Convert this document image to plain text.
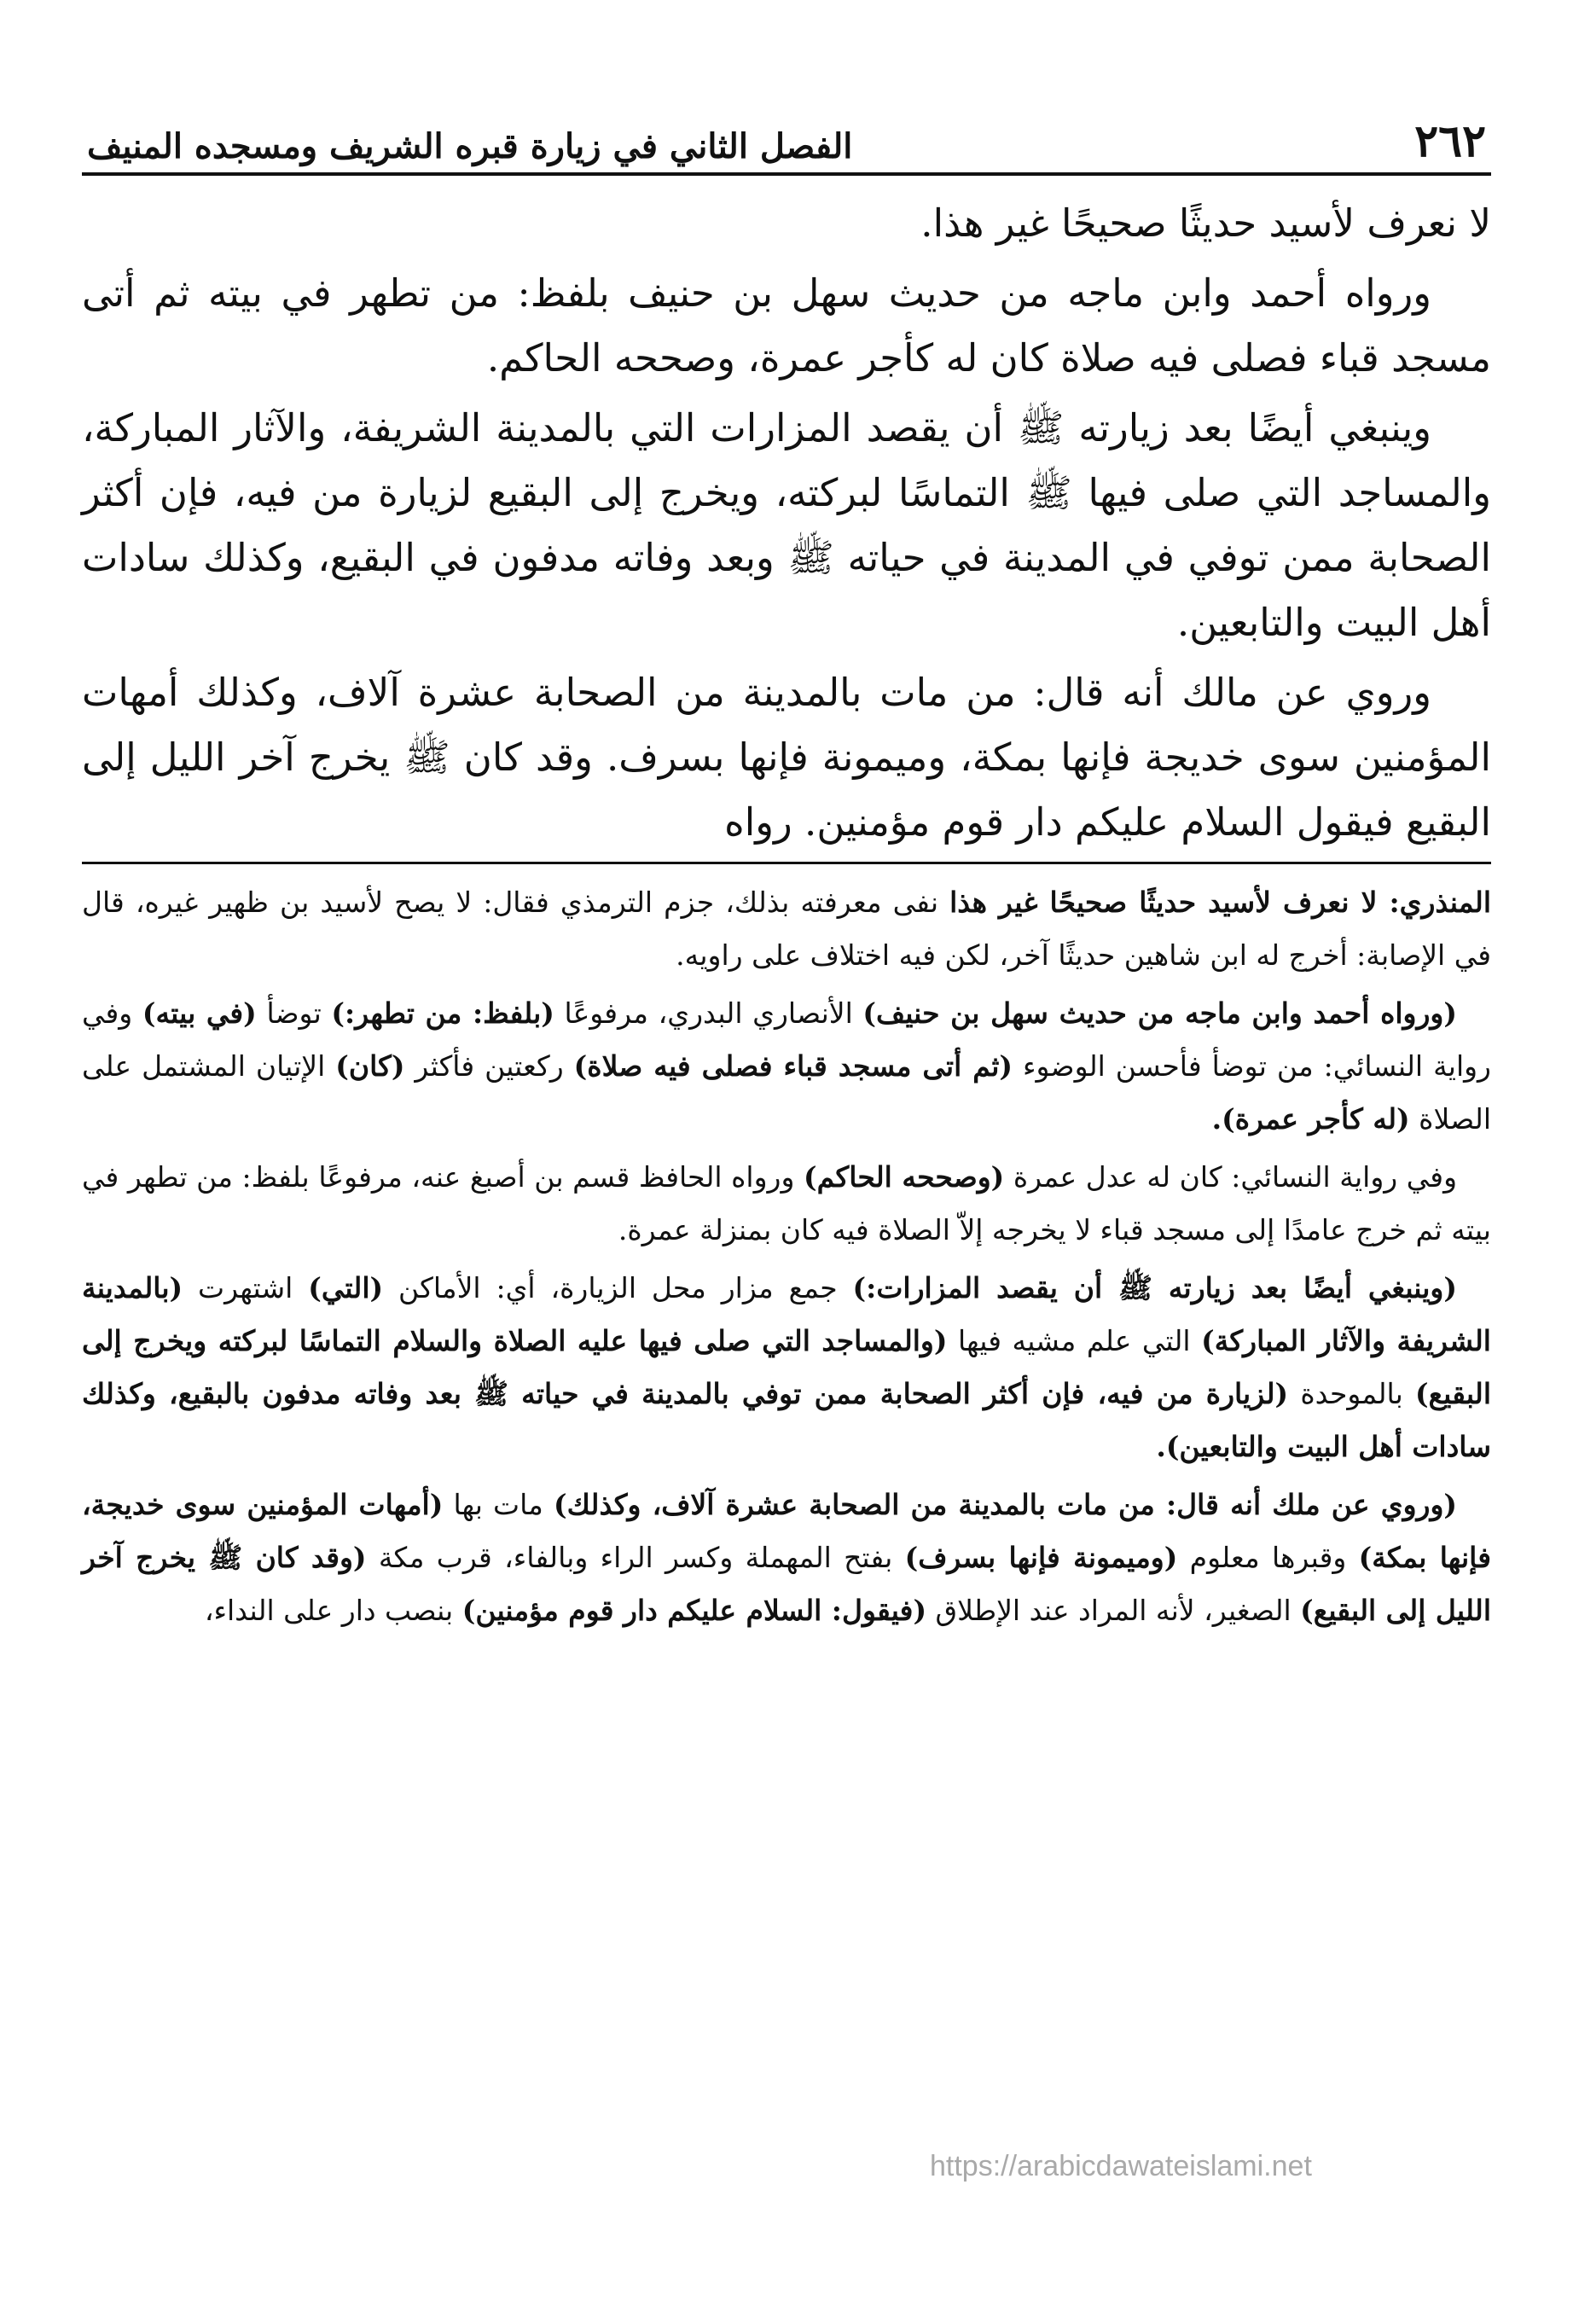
٢٦٢
الفصل الثاني في زيارة قبره الشريف ومسجده المنيف

لا نعرف لأسيد حديثًا صحيحًا غير هذا.

ورواه أحمد وابن ماجه من حديث سهل بن حنيف بلفظ: من تطهر في بيته ثم أتى مسجد قباء فصلى فيه صلاة كان له كأجر عمرة، وصححه الحاكم.

وينبغي أيضًا بعد زيارته ﷺ أن يقصد المزارات التي بالمدينة الشريفة، والآثار المباركة، والمساجد التي صلى فيها ﷺ التماسًا لبركته، ويخرج إلى البقيع لزيارة من فيه، فإن أكثر الصحابة ممن توفي في المدينة في حياته ﷺ وبعد وفاته مدفون في البقيع، وكذلك سادات أهل البيت والتابعين.

وروي عن مالك أنه قال: من مات بالمدينة من الصحابة عشرة آلاف، وكذلك أمهات المؤمنين سوى خديجة فإنها بمكة، وميمونة فإنها بسرف. وقد كان ﷺ يخرج آخر الليل إلى البقيع فيقول السلام عليكم دار قوم مؤمنين. رواه

المنذري: لا نعرف لأسيد حديثًا صحيحًا غير هذا نفى معرفته بذلك، جزم الترمذي فقال: لا يصح لأسيد بن ظهير غيره، قال في الإصابة: أخرج له ابن شاهين حديثًا آخر، لكن فيه اختلاف على راويه.

(ورواه أحمد وابن ماجه من حديث سهل بن حنيف) الأنصاري البدري، مرفوعًا (بلفظ: من تطهر:) توضأ (في بيته) وفي رواية النسائي: من توضأ فأحسن الوضوء (ثم أتى مسجد قباء فصلى فيه صلاة) ركعتين فأكثر (كان) الإتيان المشتمل على الصلاة (له كأجر عمرة).

وفي رواية النسائي: كان له عدل عمرة (وصححه الحاكم) ورواه الحافظ قسم بن أصبغ عنه، مرفوعًا بلفظ: من تطهر في بيته ثم خرج عامدًا إلى مسجد قباء لا يخرجه إلاّ الصلاة فيه كان بمنزلة عمرة.

(وينبغي أيضًا بعد زيارته ﷺ أن يقصد المزارات:) جمع مزار محل الزيارة، أي: الأماكن (التي) اشتهرت (بالمدينة الشريفة والآثار المباركة) التي علم مشيه فيها (والمساجد التي صلى فيها عليه الصلاة والسلام التماسًا لبركته ويخرج إلى البقيع) بالموحدة (لزيارة من فيه، فإن أكثر الصحابة ممن توفي بالمدينة في حياته ﷺ بعد وفاته مدفون بالبقيع، وكذلك سادات أهل البيت والتابعين).

(وروي عن ملك أنه قال: من مات بالمدينة من الصحابة عشرة آلاف، وكذلك) مات بها (أمهات المؤمنين سوى خديجة، فإنها بمكة) وقبرها معلوم (وميمونة فإنها بسرف) بفتح المهملة وكسر الراء وبالفاء، قرب مكة (وقد كان ﷺ يخرج آخر الليل إلى البقيع) الصغير، لأنه المراد عند الإطلاق (فيقول: السلام عليكم دار قوم مؤمنين) بنصب دار على النداء،

https://arabicdawateislami.net
